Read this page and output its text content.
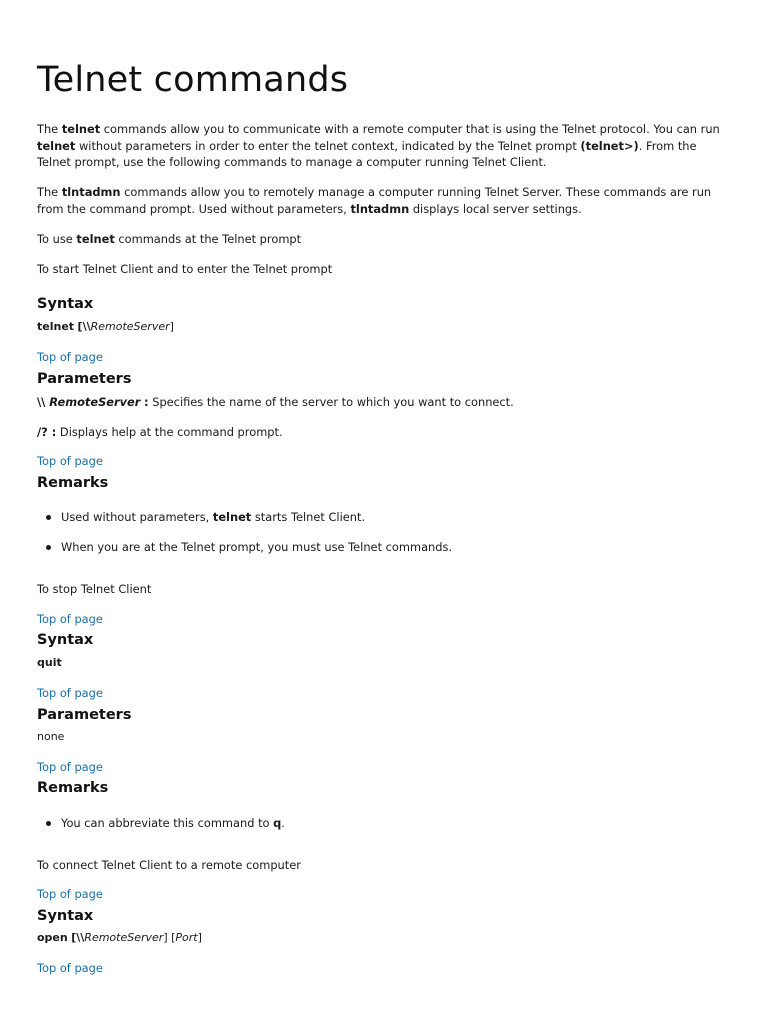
Telnet commands
The telnet commands allow you to communicate with a remote computer that is using the Telnet protocol. You can run telnet without parameters in order to enter the telnet context, indicated by the Telnet prompt (telnet>). From the Telnet prompt, use the following commands to manage a computer running Telnet Client.
The tlntadmn commands allow you to remotely manage a computer running Telnet Server. These commands are run from the command prompt. Used without parameters, tlntadmn displays local server settings.
To use telnet commands at the Telnet prompt
To start Telnet Client and to enter the Telnet prompt
Syntax
telnet [\\RemoteServer]
Top of page
Parameters
\\ RemoteServer : Specifies the name of the server to which you want to connect.
/? : Displays help at the command prompt.
Top of page
Remarks
Used without parameters, telnet starts Telnet Client.
When you are at the Telnet prompt, you must use Telnet commands.
To stop Telnet Client
Top of page
Syntax
quit
Top of page
Parameters
none
Top of page
Remarks
You can abbreviate this command to q.
To connect Telnet Client to a remote computer
Top of page
Syntax
open [\\RemoteServer] [Port]
Top of page
